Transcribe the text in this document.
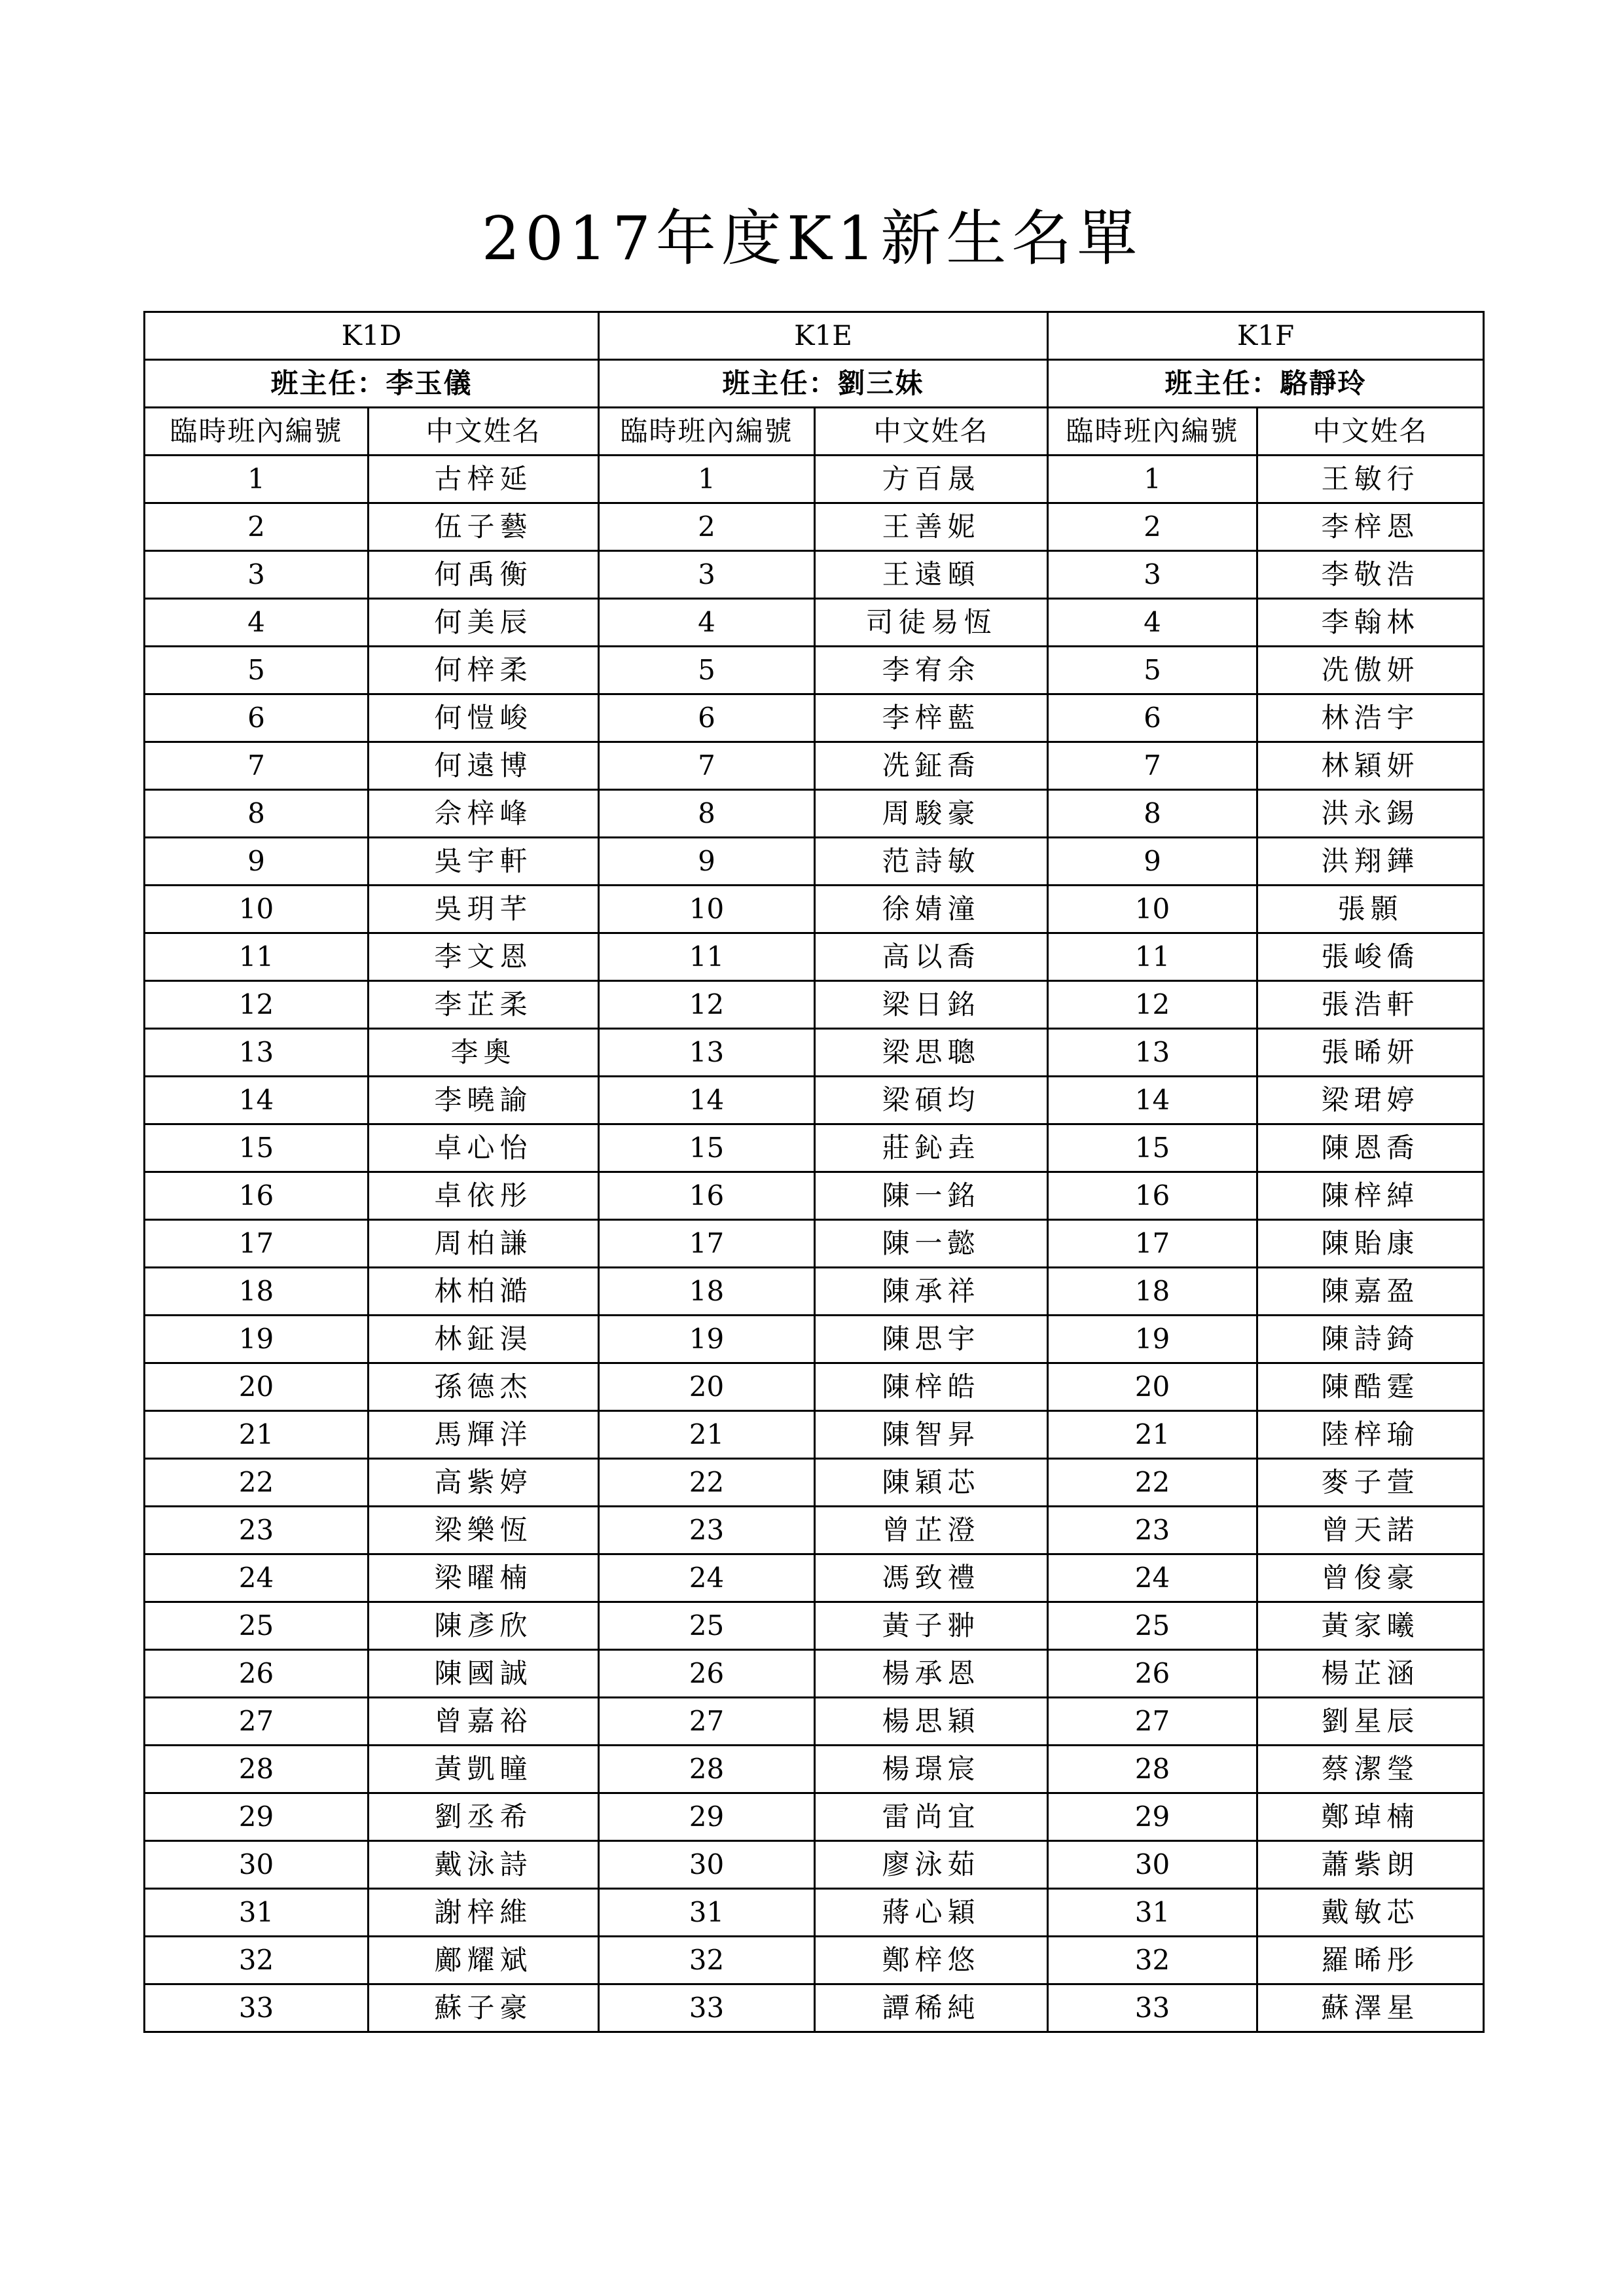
2017年度K1新生名單
K1D		K1E		K1F	
班主任：李玉儀		班主任：劉三妹		班主任：駱靜玲	
臨時班內編號	中文姓名	臨時班內編號	中文姓名	臨時班內編號	中文姓名
1	古梓延	1	方百晟	1	王敏行
2	伍子藝	2	王善妮	2	李梓恩
3	何禹衡	3	王遠頤	3	李敬浩
4	何美辰	4	司徒易恆	4	李翰林
5	何梓柔	5	李宥余	5	冼傲妍
6	何愷峻	6	李梓藍	6	林浩宇
7	何遠博	7	冼鉦喬	7	林穎妍
8	佘梓峰	8	周駿豪	8	洪永錫
9	吳宇軒	9	范詩敏	9	洪翔鏵
10	吳玥芊	10	徐婧潼	10	張顥
11	李文恩	11	高以喬	11	張峻僑
12	李芷柔	12	梁日銘	12	張浩軒
13	李奧	13	梁思聰	13	張晞妍
14	李曉諭	14	梁碩均	14	梁珺婷
15	卓心怡	15	莊鈊垚	15	陳恩喬
16	卓依彤	16	陳一銘	16	陳梓綽
17	周柏謙	17	陳一懿	17	陳貽康
18	林柏澔	18	陳承祥	18	陳嘉盈
19	林鉦淏	19	陳思宇	19	陳詩錡
20	孫德杰	20	陳梓皓	20	陳酷霆
21	馬輝洋	21	陳智昇	21	陸梓瑜
22	高紫婷	22	陳穎芯	22	麥子萱
23	梁樂恆	23	曾芷澄	23	曾天諾
24	梁曜楠	24	馮致禮	24	曾俊豪
25	陳彥欣	25	黃子翀	25	黃家曦
26	陳國誠	26	楊承恩	26	楊芷涵
27	曾嘉裕	27	楊思穎	27	劉星辰
28	黃凱瞳	28	楊璟宸	28	蔡潔瑩
29	劉丞希	29	雷尚宜	29	鄭琸楠
30	戴泳詩	30	廖泳茹	30	蕭紫朗
31	謝梓維	31	蔣心穎	31	戴敏芯
32	鄺耀斌	32	鄭梓悠	32	羅晞彤
33	蘇子豪	33	譚稀純	33	蘇澤星
